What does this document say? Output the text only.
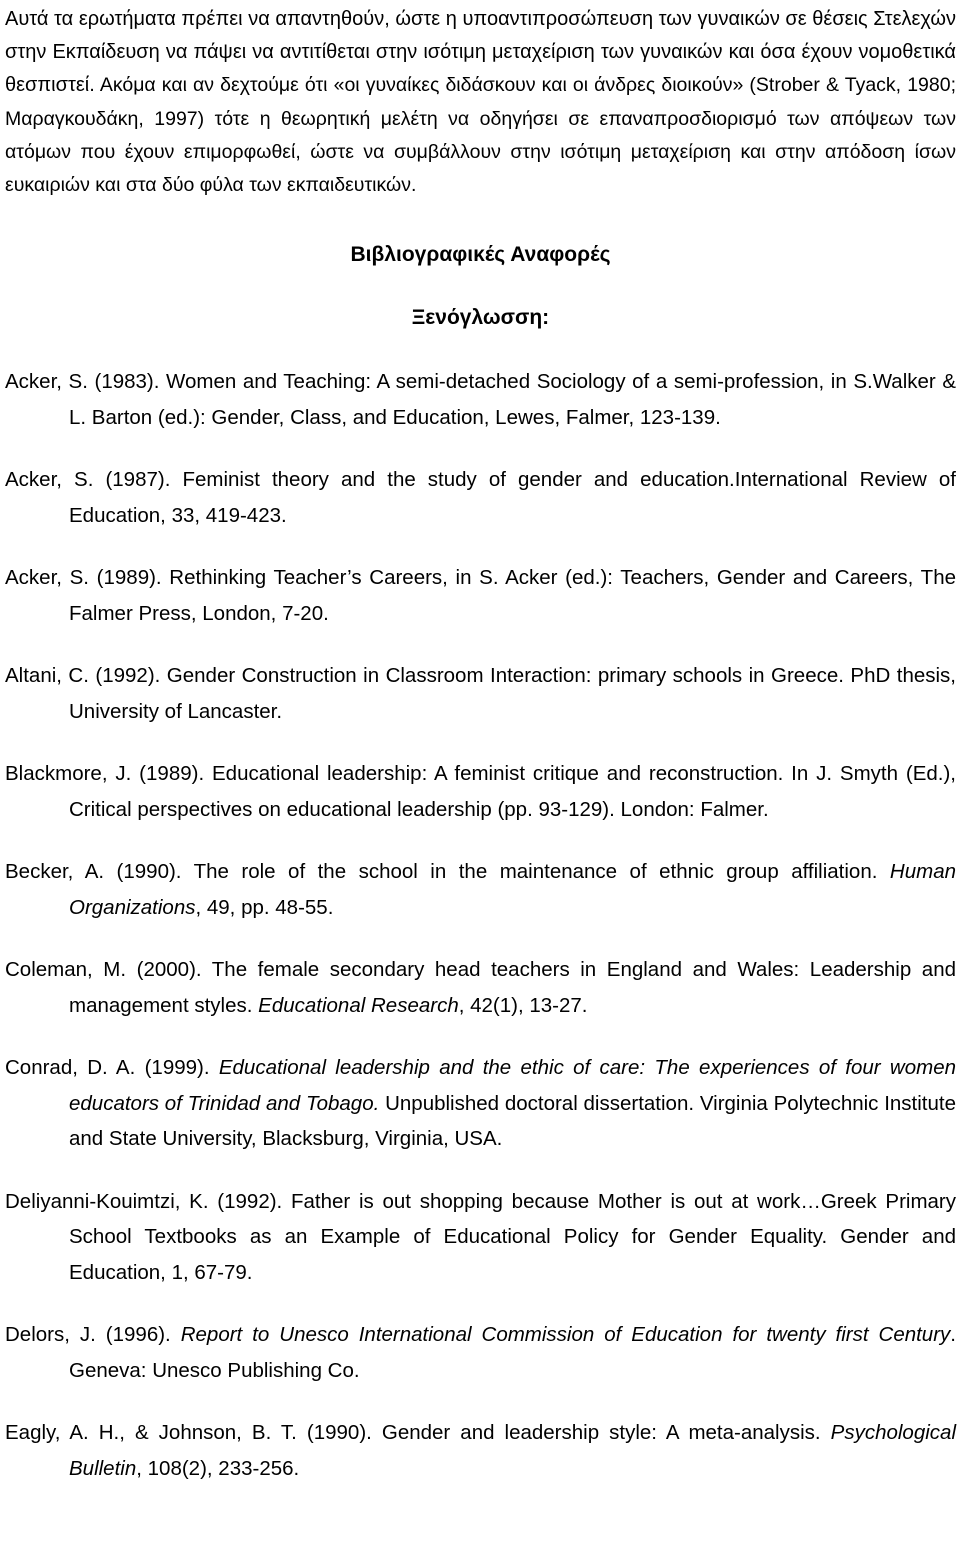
Αυτά τα ερωτήματα πρέπει να απαντηθούν, ώστε η υποαντιπροσώπευση των γυναικών σε θέσεις Στελεχών στην Εκπαίδευση να πάψει να αντιτίθεται στην ισότιμη μεταχείριση των γυναικών και όσα έχουν νομοθετικά θεσπιστεί. Ακόμα και αν δεχτούμε ότι «οι γυναίκες διδάσκουν και οι άνδρες διοικούν» (Strober & Tyack, 1980; Μαραγκουδάκη, 1997) τότε η θεωρητική μελέτη να οδηγήσει σε επαναπροσδιορισμό των απόψεων των ατόμων που έχουν επιμορφωθεί, ώστε να συμβάλλουν στην ισότιμη μεταχείριση και στην απόδοση ίσων ευκαιριών και στα δύο φύλα των εκπαιδευτικών.

Βιβλιογραφικές Αναφορές

Ξενόγλωσση:

Acker, S. (1983). Women and Teaching: A semi-detached Sociology of a semi-profession, in S.Walker & L. Barton (ed.): Gender, Class, and Education, Lewes, Falmer, 123-139.

Acker, S. (1987). Feminist theory and the study of gender and education.International Review of Education, 33, 419-423.

Acker, S. (1989). Rethinking Teacher’s Careers, in S. Acker (ed.): Teachers, Gender and Careers, The Falmer Press, London, 7-20.

Altani, C. (1992). Gender Construction in Classroom Interaction: primary schools in Greece. PhD thesis, University of Lancaster.

Blackmore, J. (1989). Educational leadership: A feminist critique and reconstruction. In J. Smyth (Ed.), Critical perspectives on educational leadership (pp. 93-129). London: Falmer.

Becker, A. (1990). The role of the school in the maintenance of ethnic group affiliation. Human Organizations, 49, pp. 48-55.

Coleman, M. (2000). The female secondary head teachers in England and Wales: Leadership and management styles. Educational Research, 42(1), 13-27.

Conrad, D. A. (1999). Educational leadership and the ethic of care: The experiences of four women educators of Trinidad and Tobago. Unpublished doctoral dissertation. Virginia Polytechnic Institute and State University, Blacksburg, Virginia, USA.

Deliyanni-Kouimtzi, K. (1992). Father is out shopping because Mother is out at work…Greek Primary School Textbooks as an Example of Educational Policy for Gender Equality. Gender and Education, 1, 67-79.

Delors, J. (1996). Report to Unesco International Commission of Education for twenty first Century. Geneva: Unesco Publishing Co.

Eagly, A. H., & Johnson, B. T. (1990). Gender and leadership style: A meta-analysis. Psychological Bulletin, 108(2), 233-256.
